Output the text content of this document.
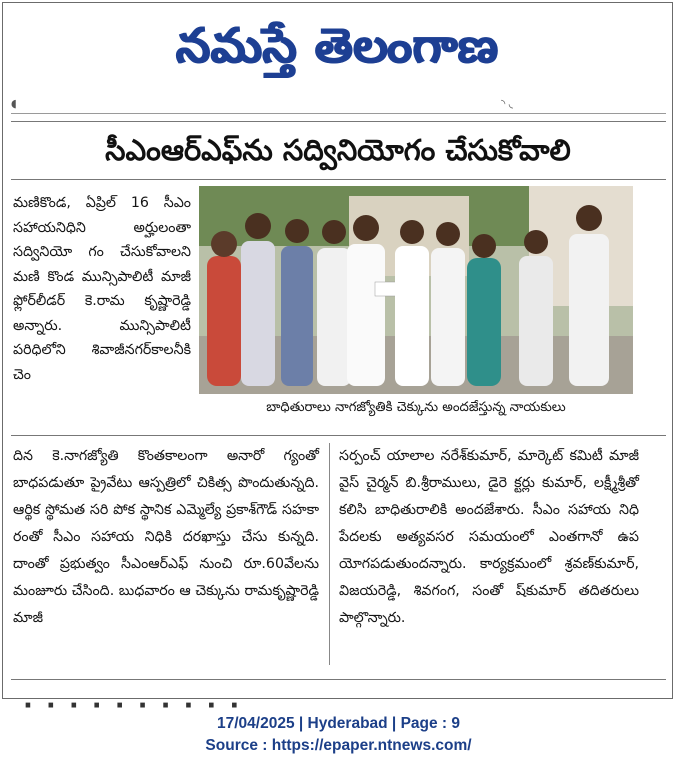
నమస్తే తెలంగాణ
◖	◝ ◟
సీఎంఆర్ఎఫ్‌ను సద్వినియోగం చేసుకోవాలి

మణికొండ, ఏప్రిల్ 16 సీఎం సహాయనిధిని అర్హులంతా సద్వినియో గం చేసుకోవాలని మణి కొండ మున్సిపాలిటీ మాజీ ఫ్లోర్‌లీడర్ కె.రామ కృష్ణారెడ్డి అన్నారు. మున్సిపాలిటీ పరిధిలోని శివాజీనగర్‌కాలనీకి చెం

బాధితురాలు నాగజ్యోతికి చెక్కును అందజేస్తున్న నాయకులు

దిన కె.నాగజ్యోతి కొంతకాలంగా అనారో గ్యంతో బాధపడుతూ ప్రైవేటు ఆస్పత్రిలో చికిత్స పొందుతున్నది. ఆర్థిక స్థోమత సరి పోక స్థానిక ఎమ్మెల్యే ప్రకాశ్‌గౌడ్ సహకా రంతో సీఎం సహాయ నిధికి దరఖాస్తు చేసు కున్నది. దాంతో ప్రభుత్వం సీఎంఆర్ఎఫ్ నుంచి రూ.60వేలను మంజూరు చేసింది. బుధవారం ఆ చెక్కును రామకృష్ణారెడ్డి మాజీ

సర్పంచ్ యాలాల నరేశ్‌కుమార్, మార్కెట్ కమిటీ మాజీ వైస్ చైర్మన్ బి.శ్రీరాములు, డైరె క్టర్లు కుమార్, లక్ష్మీశ్రీతో కలిసి బాధితురాలికి అందజేశారు. సీఎం సహాయ నిధి పేదలకు అత్యవసర సమయంలో ఎంతగానో ఉప యోగపడుతుందన్నారు. కార్యక్రమంలో శ్రవణ్‌కుమార్, విజయరెడ్డి, శివగంగ, సంతో ష్‌కుమార్ తదితరులు పాల్గొన్నారు.

· · · · · · · · · ·
17/04/2025 | Hyderabad | Page : 9
Source : https://epaper.ntnews.com/
